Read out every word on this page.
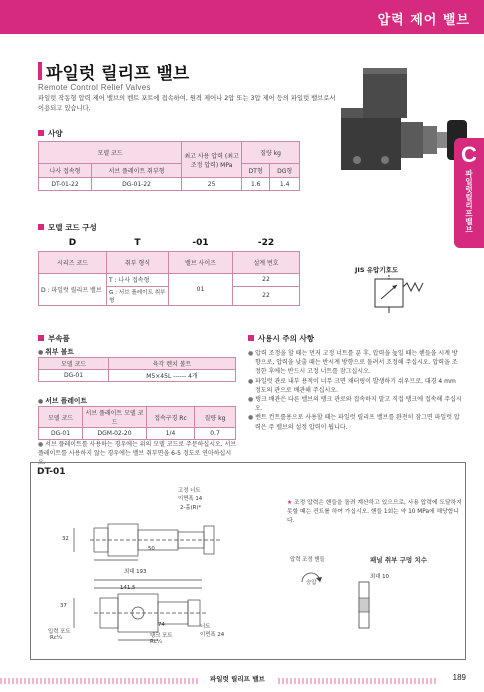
압력 제어 밸브
파일럿 릴리프 밸브
Remote Control Relief Valves
파일럿 작동형 압력 제어 밸브의 벤트 포트에 접속하여, 원격 제어나 2압 또는 3압 제어 등의 파일럿 밸브로서 이용되고 있습니다.
C
파일럿 릴리프 밸브
사양
모델 코드		최고 사용 압력 (최고 조정 압력) MPa	질량 kg	
나사 접속형	서브 플레이트 취부형		DT형	DG형
DT-01-22	DG-01-22	25	1.6	1.4
모델 코드 구성
D	T	-01	-22
시리즈 코드	취부 형식	밸브 사이즈	설계 번호
D : 파일럿 릴리프 밸브	T : 나사 접속형	01	22
	G : 서브 플레이트 취부형		22
JIS 유압기호도
부속품
● 취부 볼트
모델 코드	육각 렌치 볼트
DG-01	M5×45L ------ 4개
● 서브 플레이트
모델 코드	서브 플레이트 모델 코드	접속구경 Rc	질량 kg
DG-01	DGM-02-20	1/4	0.7
● 서브 플레이트를 사용하는 경우에는 위의 모델 코드로 주문하십시오. 서브 플레이트를 사용하지 않는 경우에는 밸브 취부면을 6-5 정도로 연마하십시오.
사용시 주의 사항

● 압력 조정을 할 때는 먼저 고정 너트를 푼 후, 압력을 높일 때는 핸들을 시계 방향으로, 압력을 낮출 때는 반시계 방향으로 돌려서 조정해 주십시오. 압력을 조정한 후에는 반드시 고정 너트를 잠그십시오.

● 파일럿 관로 내부 용적이 너무 크면 채터링이 발생하기 쉬우므로, 대경 4 mm 정도의 관으로 배관해 주십시오.

● 탱크 배관은 다른 밸브의 탱크 관로와 접속하지 말고 직접 탱크에 접속해 주십시오.

● 벤트 컨트롤용으로 사용할 때는 파일럿 릴리프 밸브를 완전히 잠그면 파일럿 압력은 주 밸브의 설정 압력이 됩니다.

DT-01
고정 너트
이면폭 14
2-홀(R)*
32
50
최대 193
141.5
37
74
입력 포트
Rc¼	탱크 포트
Rc¼
너트
이면폭 24
★ 조정 압력은 핸들을 돌려 계산하고 있으므로, 사용 압력에 도달하지 못할 때는 컨트롤 하여 가십시오. 핸들 1회는 약 10 MPa에 해당합니다.
압력 조정 핸들
승압
패널 취부 구멍 치수
최대 10
파일럿 릴리프 밸브	189
